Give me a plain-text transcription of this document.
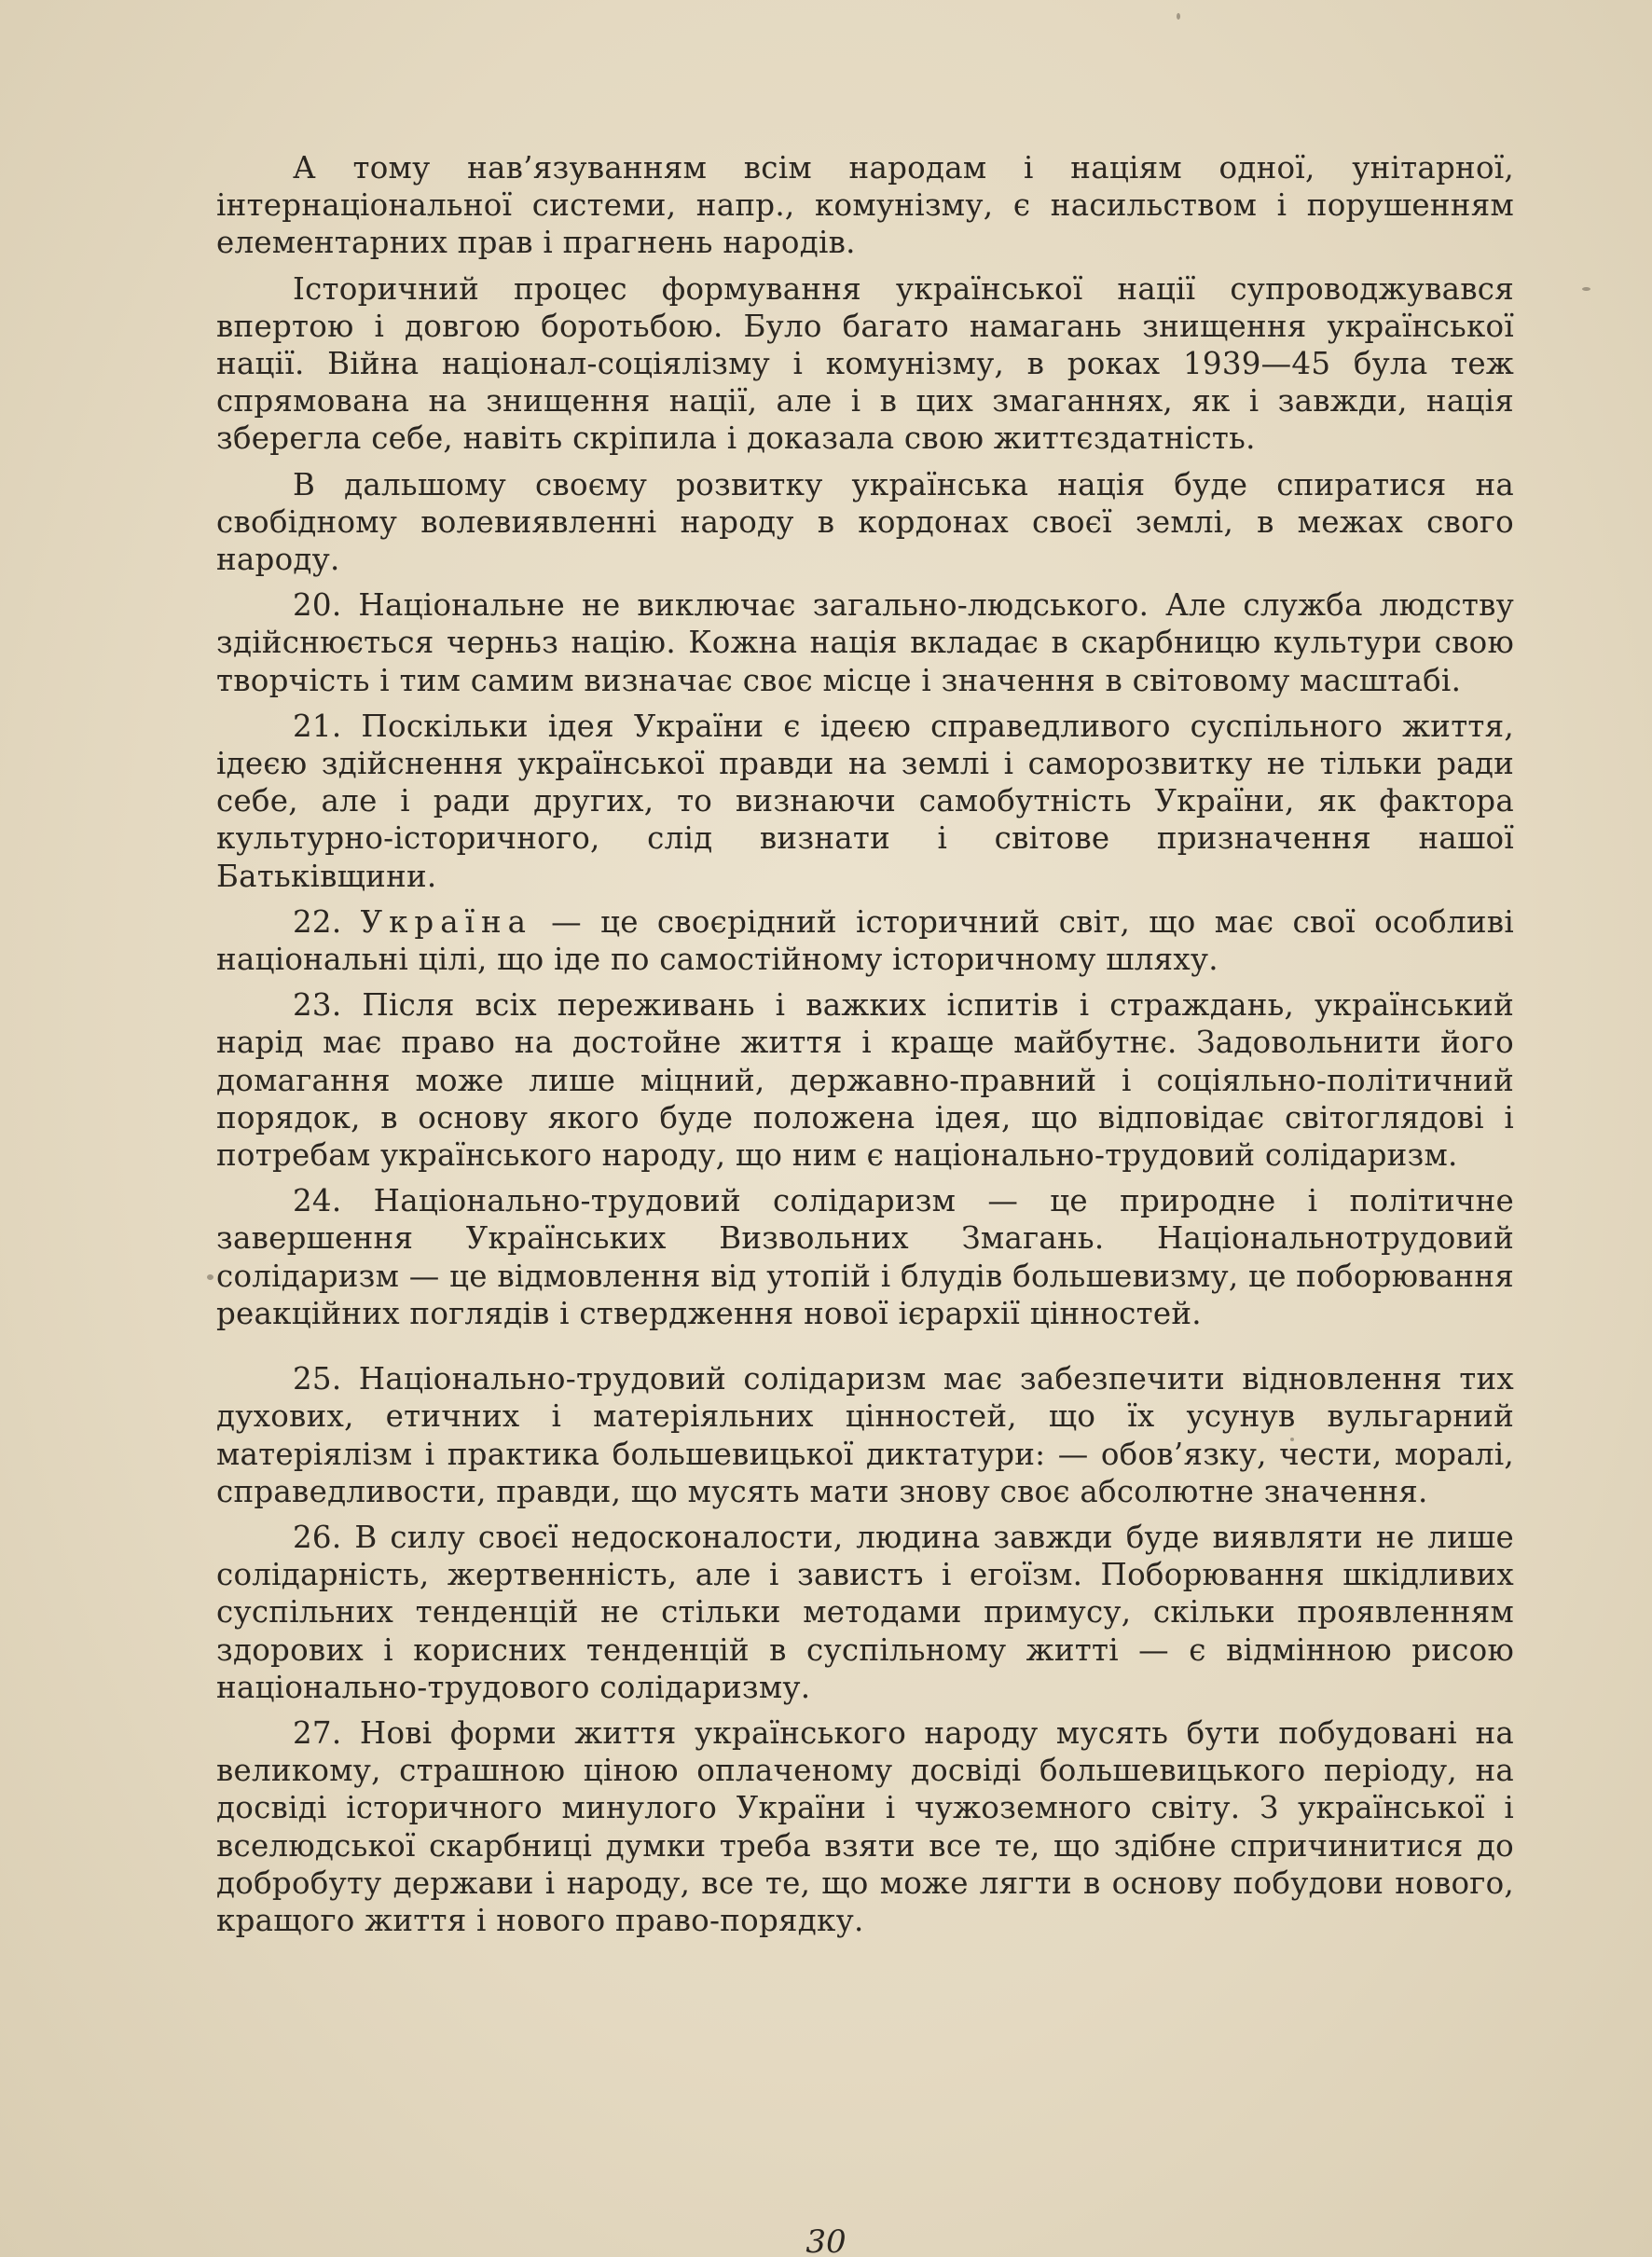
А тому нав’язуванням всім народам і націям одної, унітарної, інтернаціональної системи, напр., комунізму, є насильством і порушенням елементарних прав і прагнень народів.

Історичний процес формування української нації супроводжувався впертою і довгою боротьбою. Було багато намагань знищення української нації. Війна націонал-соціялізму і комунізму, в роках 1939—45 була теж спрямована на знищення нації, але і в цих змаганнях, як і завжди, нація зберегла себе, навіть скріпила і доказала свою життєздатність.

В дальшому своєму розвитку українська нація буде спиратися на свобідному волевиявленні народу в кордонах своєї землі, в межах свого народу.

20. Національне не виключає загально-людського. Але служба людству здійснюється черньз націю. Кожна нація вкладає в скарбницю культури свою творчість і тим самим визначає своє місце і значення в світовому масштабі.

21. Поскільки ідея України є ідеєю справедливого суспільного життя, ідеєю здійснення української правди на землі і саморозвитку не тільки ради себе, але і ради других, то визнаючи самобутність України, як фактора культурно-історичного, слід визнати і світове призначення нашої Батьківщини.

22. Україна — це своєрідний історичний світ, що має свої особливі національні цілі, що іде по самостійному історичному шляху.

23. Після всіх переживань і важких іспитів і страждань, український нарід має право на достойне життя і краще майбутнє. Задовольнити його домагання може лише міцний, державно-правний і соціяльно-політичний порядок, в основу якого буде положена ідея, що відповідає світоглядові і потребам українського народу, що ним є національно-трудовий солідаризм.

24. Національно-трудовий солідаризм — це природне і політичне завершення Українських Визвольних Змагань. Національнотрудовий солідаризм — це відмовлення від утопій і блудів большевизму, це поборювання реакційних поглядів і ствердження нової ієрархії цінностей.

25. Національно-трудовий солідаризм має забезпечити відновлення тих духових, етичних і матеріяльних цінностей, що їх усунув вульгарний матеріялізм і практика большевицької диктатури: — обов’язку, чести, моралі, справедливости, правди, що мусять мати знову своє абсолютне значення.

26. В силу своєї недосконалости, людина завжди буде виявляти не лише солідарність, жертвенність, але і завистъ і егоїзм. Поборювання шкідливих суспільних тенденцій не стільки методами примусу, скільки проявленням здорових і корисних тенденцій в суспільному житті — є відмінною рисою національно-трудового солідаризму.

27. Нові форми життя українського народу мусять бути побудовані на великому, страшною ціною оплаченому досвіді большевицького періоду, на досвіді історичного минулого України і чужоземного світу. З української і вселюдської скарбниці думки треба взяти все те, що здібне спричинитися до добробуту держави і народу, все те, що може лягти в основу побудови нового, кращого життя і нового право-порядку.

30
